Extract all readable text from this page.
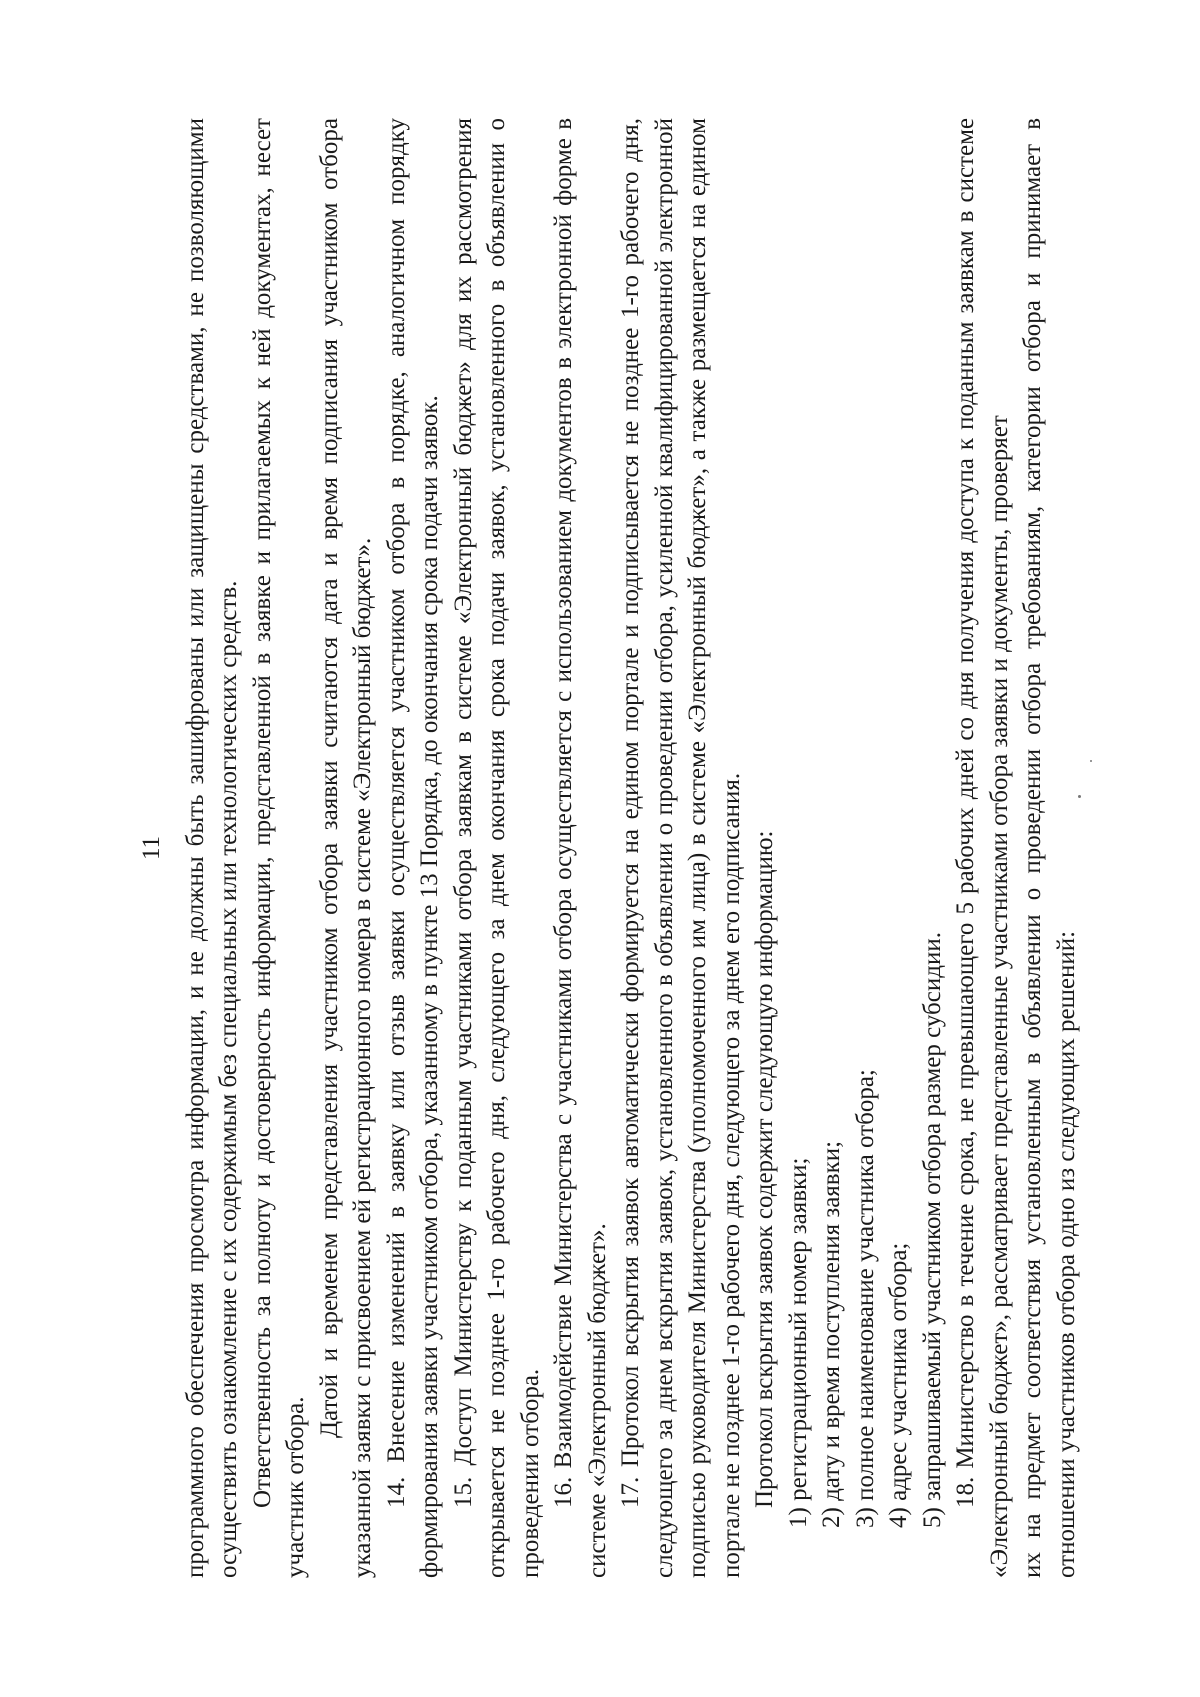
11 программного обеспечения просмотра информации, и не должны быть зашифрованы или защищены средствами, не позволяющими осуществить ознакомление с их содержимым без специальных или технологических средств. Ответственность за полноту и достоверность информации, представленной в заявке и прилагаемых к ней документах, несет участник отбора.

Датой и временем представления участником отбора заявки считаются дата и время подписания участником отбора указанной заявки с присвоением ей регистрационного номера в системе «Электронный бюджет». 14. Внесение изменений в заявку или отзыв заявки осуществляется участником отбора в порядке, аналогичном порядку формирования заявки участником отбора, указанному в пункте 13 Порядка, до окончания срока подачи заявок. 15. Доступ Министерству к поданным участниками отбора заявкам в системе «Электронный бюджет» для их рассмотрения открывается не позднее 1-го рабочего дня, следующего за днем окончания срока подачи заявок, установленного в объявлении о проведении отбора. 16. Взаимодействие Министерства с участниками отбора осуществляется с использованием документов в электронной форме в системе «Электронный бюджет». 17. Протокол вскрытия заявок автоматически формируется на едином портале и подписывается не позднее 1-го рабочего дня, следующего за днем вскрытия заявок, установленного в объявлении о проведении отбора, усиленной квалифицированной электронной подписью руководителя Министерства (уполномоченного им лица) в системе «Электронный бюджет», а также размещается на едином портале не позднее 1-го рабочего дня, следующего за днем его подписания. Протокол вскрытия заявок содержит следующую информацию: 1) регистрационный номер заявки; 2) дату и время поступления заявки; 3) полное наименование участника отбора; 4) адрес участника отбора; 5) запрашиваемый участником отбора размер субсидии. 18. Министерство в течение срока, не превышающего 5 рабочих дней со дня получения доступа к поданным заявкам в системе «Электронный бюджет», рассматривает представленные участниками отбора заявки и документы, проверяет их на предмет соответствия установленным в объявлении о проведении отбора требованиям, категории отбора и принимает в отношении участников отбора одно из следующих решений:
